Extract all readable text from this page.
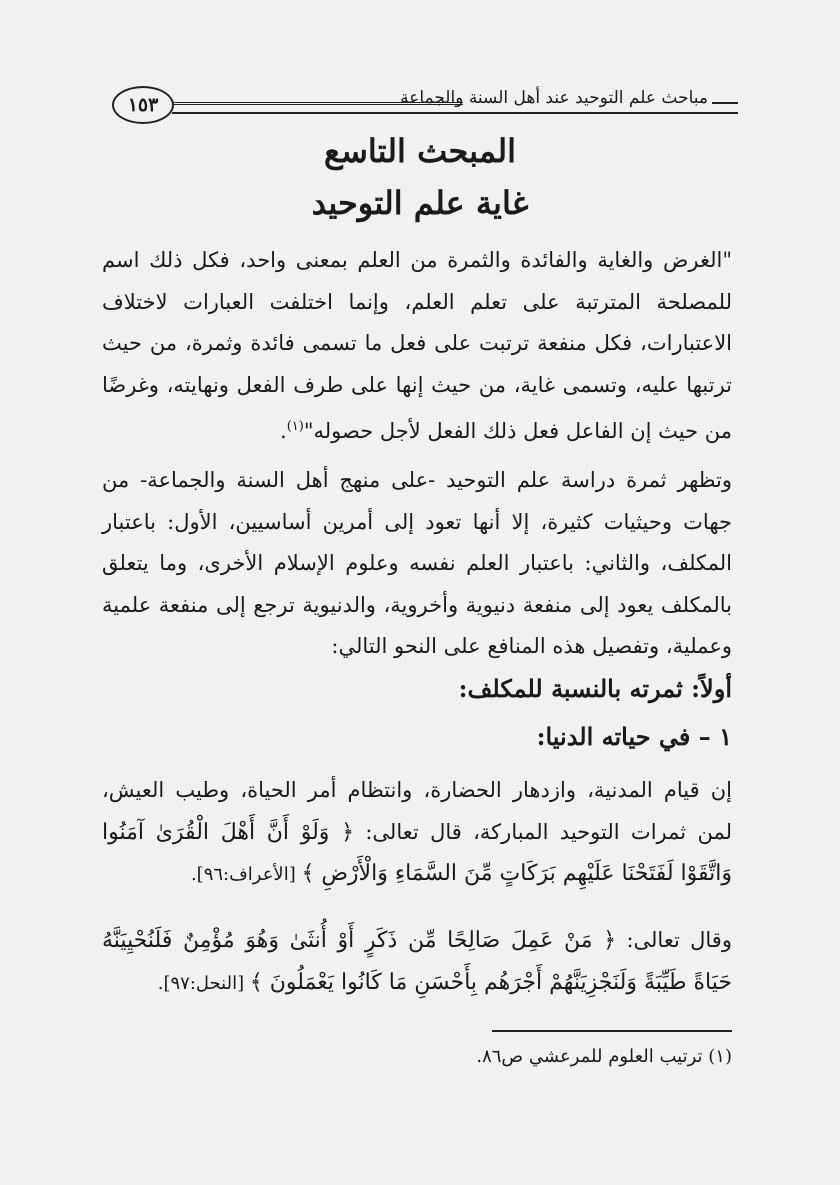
مباحث علم التوحيد عند أهل السنة والجماعة
١٥٣
المبحث التاسع
غاية علم التوحيد
"الغرض والغاية والفائدة والثمرة من العلم بمعنى واحد، فكل ذلك اسم للمصلحة المترتبة على تعلم العلم، وإنما اختلفت العبارات لاختلاف الاعتبارات، فكل منفعة ترتبت على فعل ما تسمى فائدة وثمرة، من حيث ترتبها عليه، وتسمى غاية، من حيث إنها على طرف الفعل ونهايته، وغرضًا من حيث إن الفاعل فعل ذلك الفعل لأجل حصوله"$^{(١)}$.
وتظهر ثمرة دراسة علم التوحيد -على منهج أهل السنة والجماعة- من جهات وحيثيات كثيرة، إلا أنها تعود إلى أمرين أساسيين، الأول: باعتبار المكلف، والثاني: باعتبار العلم نفسه وعلوم الإسلام الأخرى، وما يتعلق بالمكلف يعود إلى منفعة دنيوية وأخروية، والدنيوية ترجع إلى منفعة علمية وعملية، وتفصيل هذه المنافع على النحو التالي:
أولاً: ثمرته بالنسبة للمكلف:
١ – في حياته الدنيا:
إن قيام المدنية، وازدهار الحضارة، وانتظام أمر الحياة، وطيب العيش، لمن ثمرات التوحيد المباركة، قال تعالى: ﴿ وَلَوْ أَنَّ أَهْلَ الْقُرَىٰ آمَنُوا وَاتَّقَوْا لَفَتَحْنَا عَلَيْهِم بَرَكَاتٍ مِّنَ السَّمَاءِ وَالْأَرْضِ ﴾ [الأعراف:٩٦].
وقال تعالى: ﴿ مَنْ عَمِلَ صَالِحًا مِّن ذَكَرٍ أَوْ أُنثَىٰ وَهُوَ مُؤْمِنٌ فَلَنُحْيِيَنَّهُ حَيَاةً طَيِّبَةً وَلَنَجْزِيَنَّهُمْ أَجْرَهُم بِأَحْسَنِ مَا كَانُوا يَعْمَلُونَ ﴾ [النحل:٩٧].
(١) ترتيب العلوم للمرعشي ص٨٦.
